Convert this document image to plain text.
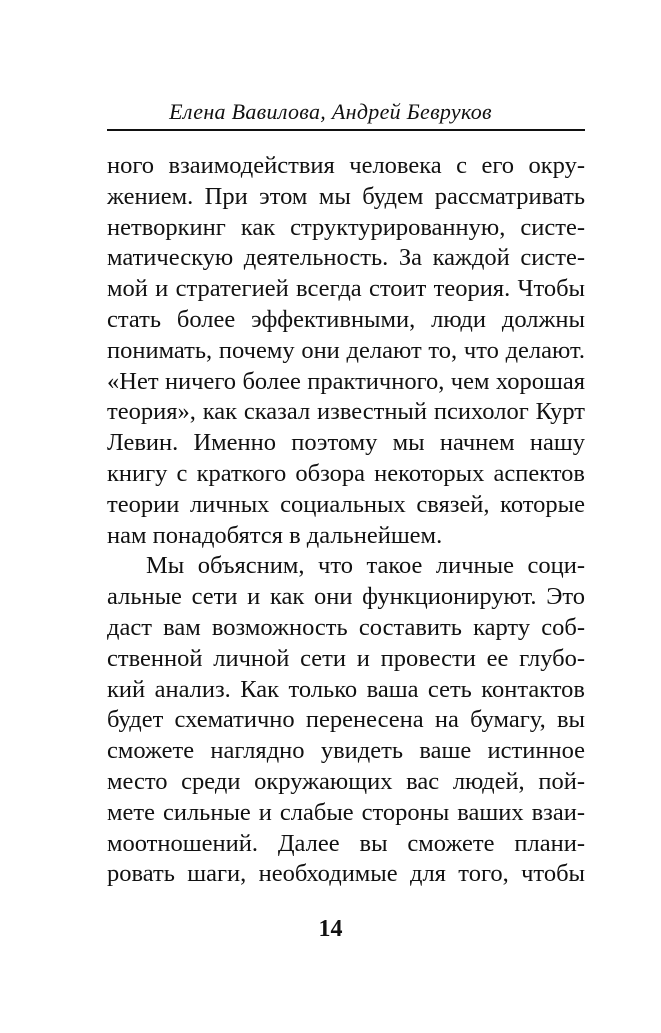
Елена Вавилова, Андрей Бевруков
ного взаимодействия человека с его окру-
жением. При этом мы будем рассматривать
нетворкинг как структурированную, систе-
матическую деятельность. За каждой систе-
мой и стратегией всегда стоит теория. Чтобы
стать более эффективными, люди должны
понимать, почему они делают то, что делают.
«Нет ничего более практичного, чем хорошая
теория», как сказал известный психолог Курт
Левин. Именно поэтому мы начнем нашу
книгу с краткого обзора некоторых аспектов
теории личных социальных связей, которые
нам понадобятся в дальнейшем.
Мы объясним, что такое личные соци-
альные сети и как они функционируют. Это
даст вам возможность составить карту соб-
ственной личной сети и провести ее глубо-
кий анализ. Как только ваша сеть контактов
будет схематично перенесена на бумагу, вы
сможете наглядно увидеть ваше истинное
место среди окружающих вас людей, пой-
мете сильные и слабые стороны ваших взаи-
моотношений. Далее вы сможете плани-
ровать шаги, необходимые для того, чтобы
14
